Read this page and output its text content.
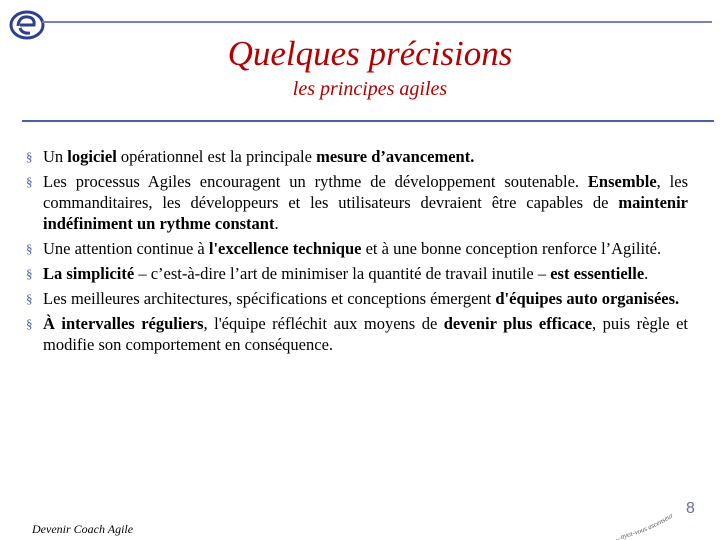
Quelques précisions
les principes agiles
§ Un logiciel opérationnel est la principale mesure d’avancement.
§ Les processus Agiles encouragent un rythme de développement soutenable. Ensemble, les commanditaires, les développeurs et les utilisateurs devraient être capables de maintenir indéfiniment un rythme constant.
§ Une attention continue à l'excellence technique et à une bonne conception renforce l’Agilité.
§ La simplicité – c’est-à-dire l’art de minimiser la quantité de travail inutile – est essentielle.
§ Les meilleures architectures, spécifications et conceptions émergent d'équipes auto organisées.
§ À intervalles réguliers, l'équipe réfléchit aux moyens de devenir plus efficace, puis règle et modifie son comportement en conséquence.
Devenir Coach Agile
...ayez-vous ascenseur 8
